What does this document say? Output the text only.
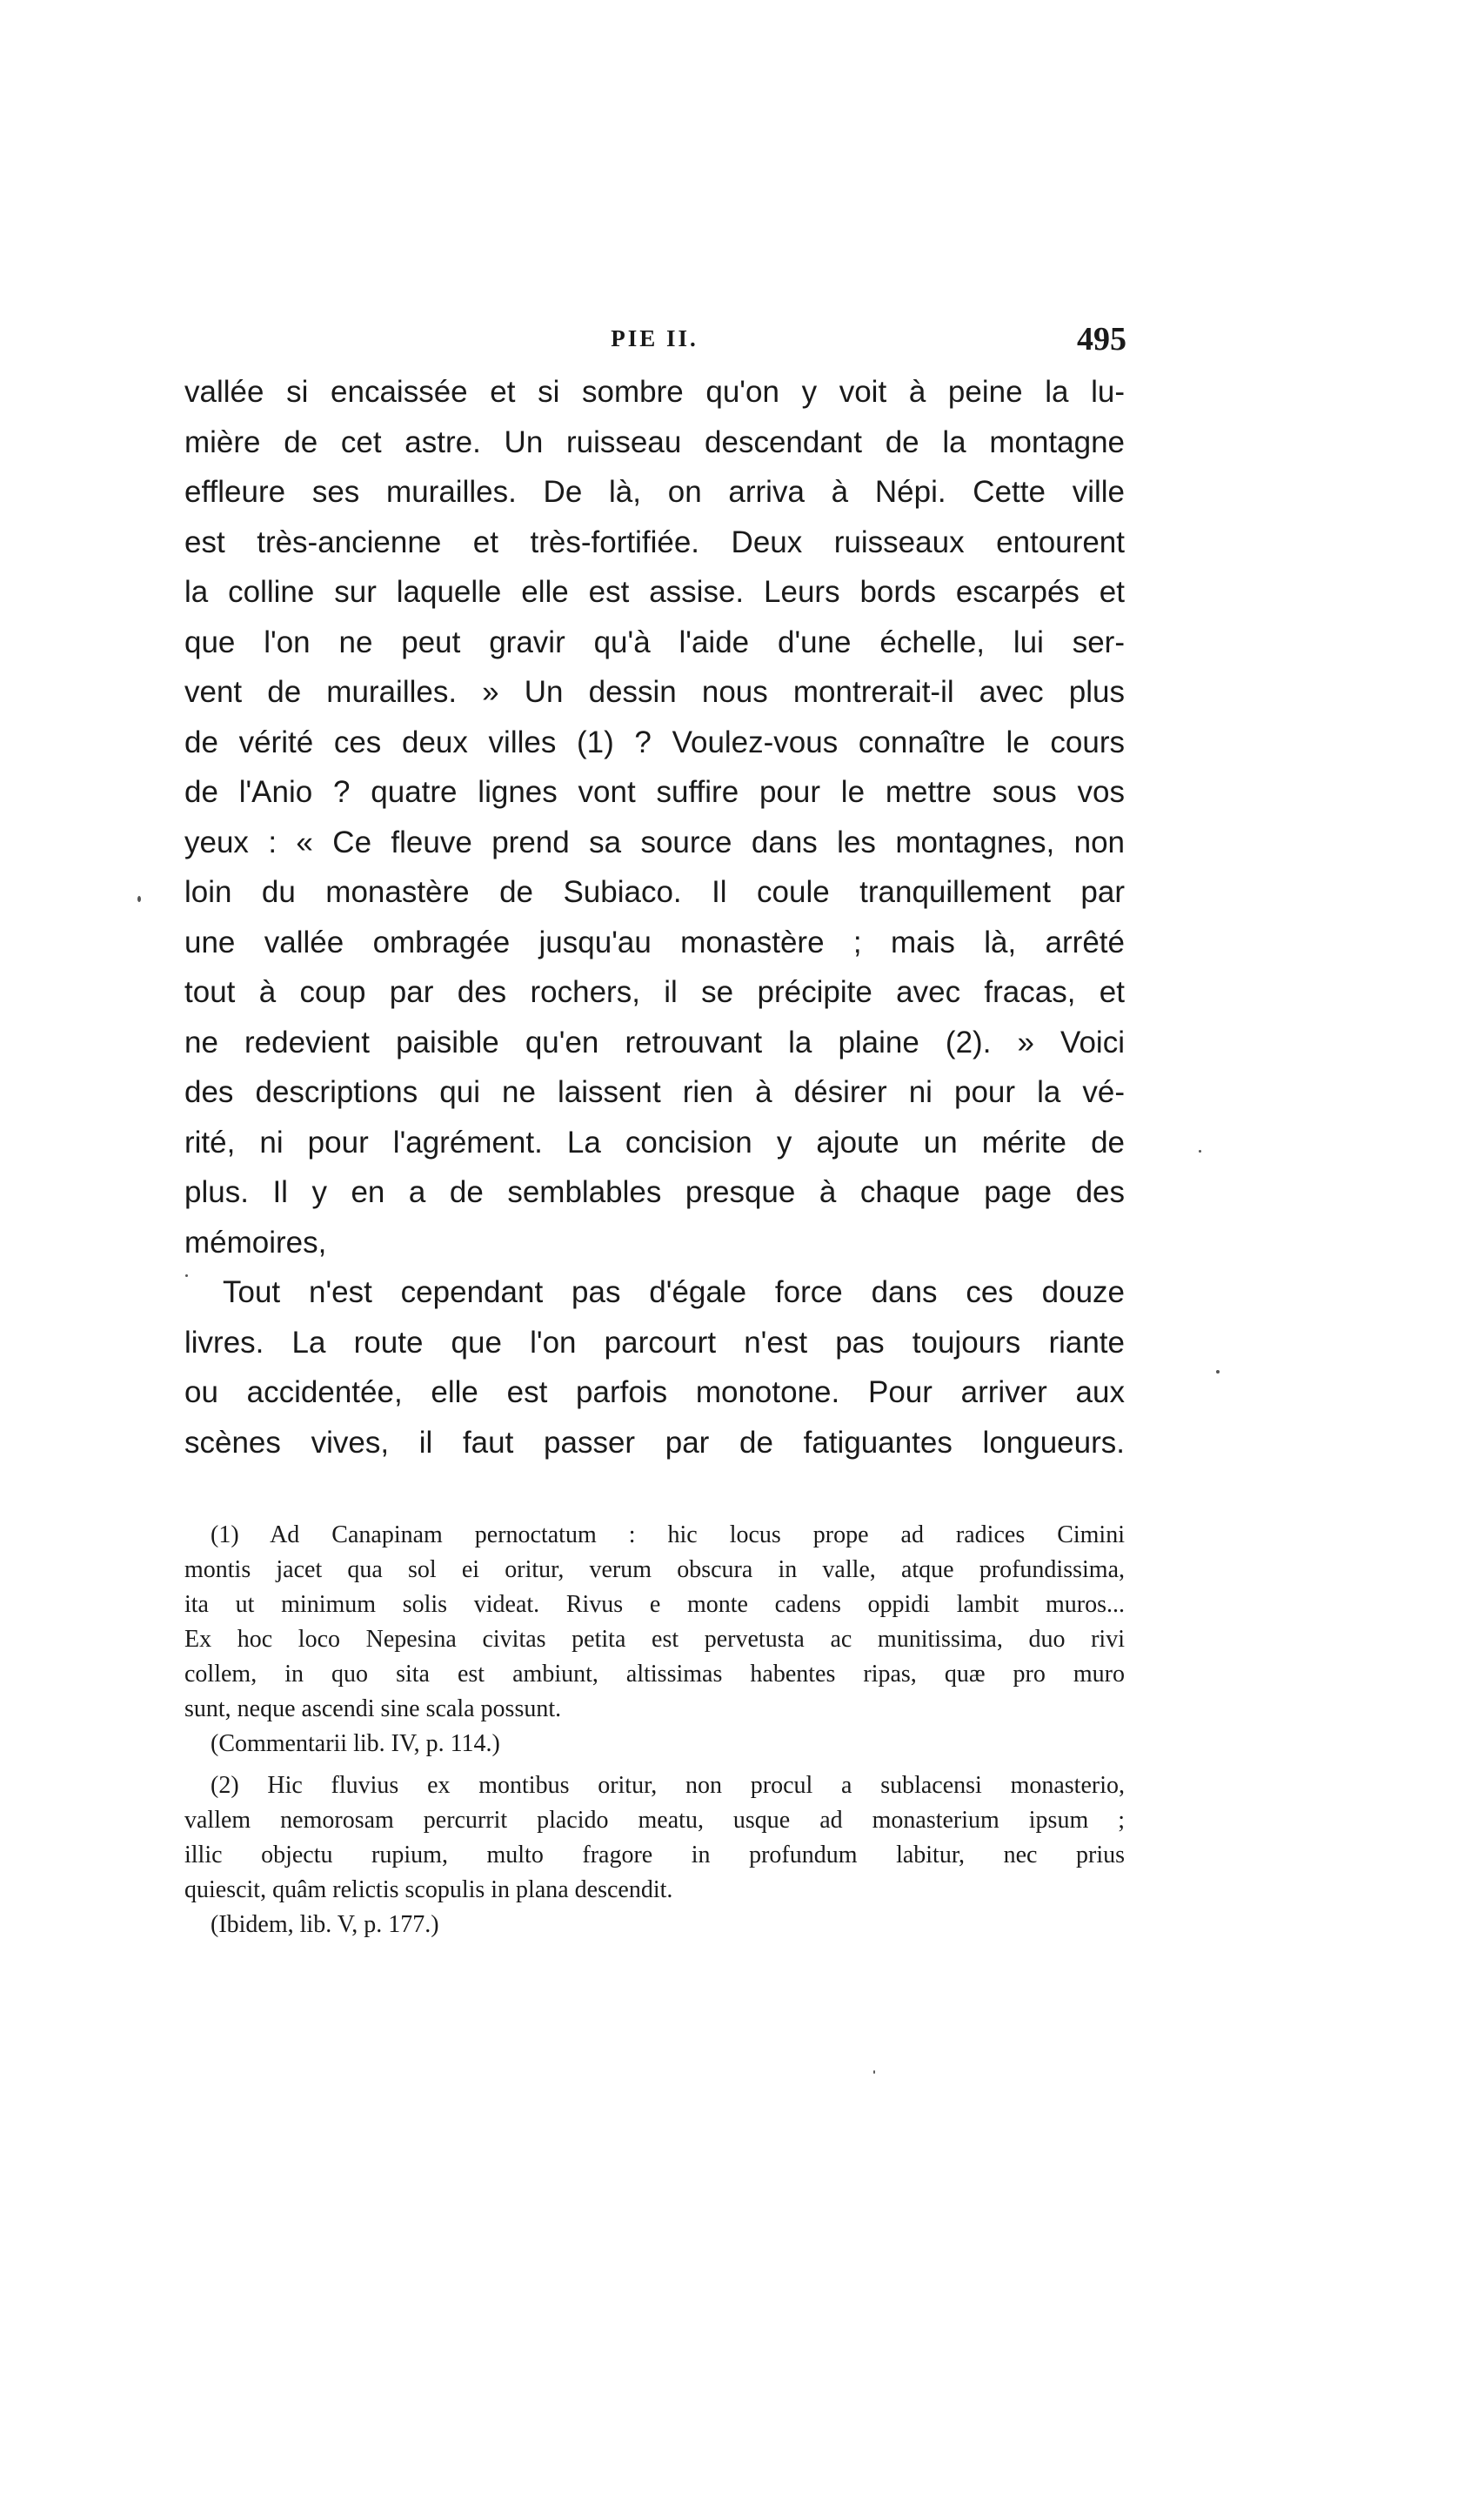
PIE II.	495
vallée si encaissée et si sombre qu'on y voit à peine la lu-
mière de cet astre. Un ruisseau descendant de la montagne
effleure ses murailles. De là, on arriva à Népi. Cette ville
est très-ancienne et très-fortifiée. Deux ruisseaux entourent
la colline sur laquelle elle est assise. Leurs bords escarpés et
que l'on ne peut gravir qu'à l'aide d'une échelle, lui ser-
vent de murailles. » Un dessin nous montrerait-il avec plus
de vérité ces deux villes (1) ? Voulez-vous connaître le cours
de l'Anio ? quatre lignes vont suffire pour le mettre sous vos
yeux : « Ce fleuve prend sa source dans les montagnes, non
loin du monastère de Subiaco. Il coule tranquillement par
une vallée ombragée jusqu'au monastère ; mais là, arrêté
tout à coup par des rochers, il se précipite avec fracas, et
ne redevient paisible qu'en retrouvant la plaine (2). » Voici
des descriptions qui ne laissent rien à désirer ni pour la vé-
rité, ni pour l'agrément. La concision y ajoute un mérite de
plus. Il y en a de semblables presque à chaque page des
mémoires,
Tout n'est cependant pas d'égale force dans ces douze
livres. La route que l'on parcourt n'est pas toujours riante
ou accidentée, elle est parfois monotone. Pour arriver aux
scènes vives, il faut passer par de fatiguantes longueurs.
(1) Ad Canapinam pernoctatum : hic locus prope ad radices Cimini
montis jacet qua sol ei oritur, verum obscura in valle, atque profundissima,
ita ut minimum solis videat. Rivus e monte cadens oppidi lambit muros...
Ex hoc loco Nepesina civitas petita est pervetusta ac munitissima, duo rivi
collem, in quo sita est ambiunt, altissimas habentes ripas, quæ pro muro
sunt, neque ascendi sine scala possunt.
(Commentarii lib. IV, p. 114.)
(2) Hic fluvius ex montibus oritur, non procul a sublacensi monasterio,
vallem nemorosam percurrit placido meatu, usque ad monasterium ipsum ;
illic objectu rupium, multo fragore in profundum labitur, nec prius
quiescit, quâm relictis scopulis in plana descendit.
(Ibidem, lib. V, p. 177.)
